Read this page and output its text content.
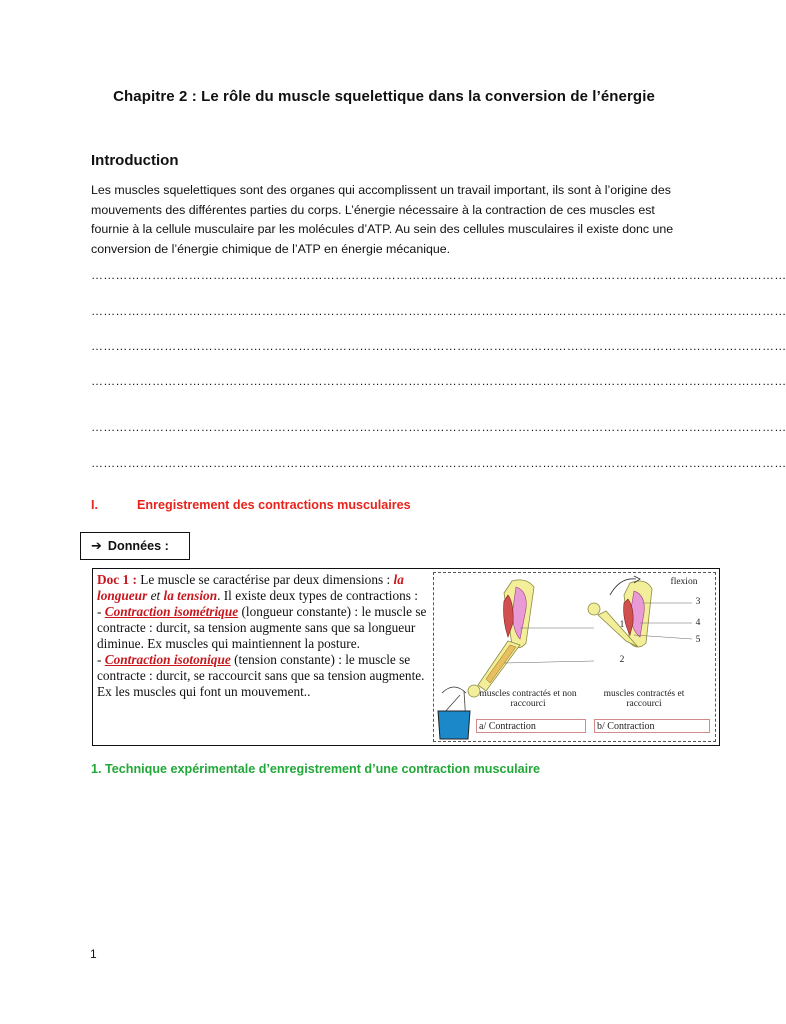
Chapitre 2 : Le rôle du muscle squelettique dans la conversion de l’énergie
Introduction
Les muscles squelettiques sont des organes qui accomplissent un travail important, ils sont à l’origine des mouvements des différentes parties du corps. L’énergie nécessaire à la contraction de ces muscles est fournie à la cellule musculaire par les molécules d’ATP. Au sein des cellules musculaires il existe donc une conversion de l’énergie chimique de l’ATP en énergie mécanique.
………………………………………………………………………………………………………………………………………………………
………………………………………………………………………………………………………………………………………………………
………………………………………………………………………………………………………………………………………………………
………………………………………………………………………………………………………………………………………………………
………………………………………………………………………………………………………………………………………………………
………………………………………………………………………………………………………………………………………………………
I.	Enregistrement des contractions musculaires
➔ Données :
Doc 1 : Le muscle se caractérise par deux dimensions : la longueur et la tension. Il existe deux types de contractions :
- Contraction isométrique (longueur constante) : le muscle se contracte : durcit, sa tension augmente sans que sa longueur diminue. Ex muscles qui maintiennent la posture.
- Contraction isotonique (tension constante) : le muscle se contracte : durcit, se raccourcit sans que sa tension augmente. Ex les muscles qui font un mouvement..
flexion
1
2
3
4
5
muscles contractés et non raccourci
muscles contractés et raccourci
a/ Contraction	b/ Contraction
1. Technique expérimentale d’enregistrement d’une contraction musculaire
1
